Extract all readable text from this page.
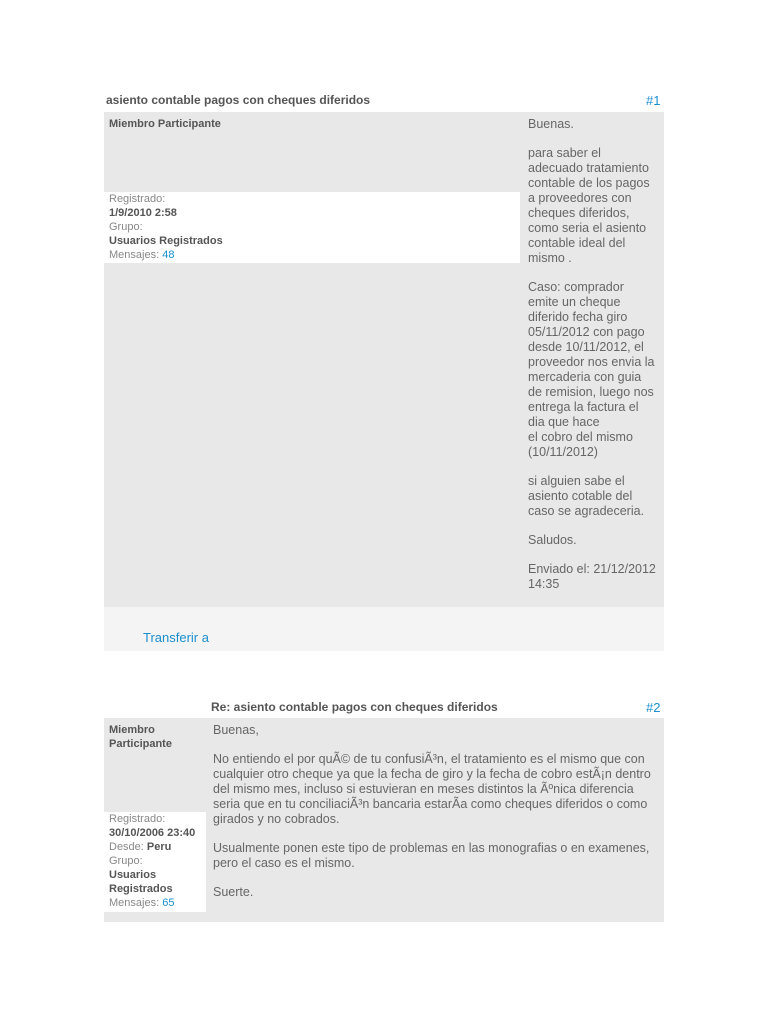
asiento contable pagos con cheques diferidos	#1
Miembro Participante
Registrado:
1/9/2010 2:58
Grupo:
Usuarios Registrados
Mensajes: 48

Buenas.

para saber el
adecuado tratamiento
contable de los pagos
a proveedores con
cheques diferidos,
como seria el asiento
contable ideal del
mismo .

Caso: comprador
emite un cheque
diferido fecha giro
05/11/2012 con pago
desde 10/11/2012, el
proveedor nos envia la
mercaderia con guia
de remision, luego nos
entrega la factura el
dia que hace
el cobro del mismo
(10/11/2012)

si alguien sabe el
asiento cotable del
caso se agradeceria.

Saludos.

Enviado el: 21/12/2012
14:35

Transferir a
Re: asiento contable pagos con cheques diferidos	#2
Miembro
Participante
Registrado:
30/10/2006 23:40
Desde: Peru
Grupo:
Usuarios
Registrados
Mensajes: 65

Buenas,

No entiendo el por quÃ© de tu confusiÃ³n, el tratamiento es el mismo que con
cualquier otro cheque ya que la fecha de giro y la fecha de cobro estÃ¡n dentro
del mismo mes, incluso si estuvieran en meses distintos la Ãºnica diferencia
seria que en tu conciliaciÃ³n bancaria estarÃa como cheques diferidos o como
girados y no cobrados.

Usualmente ponen este tipo de problemas en las monografias o en examenes,
pero el caso es el mismo.

Suerte.
